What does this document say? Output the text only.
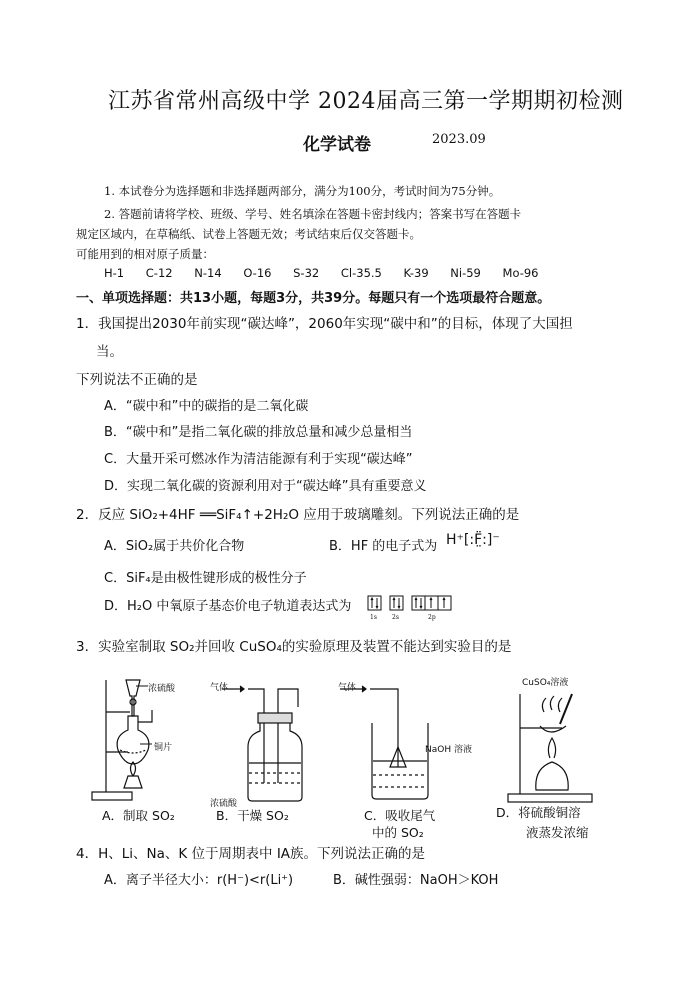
江苏省常州高级中学 2024届高三第一学期期初检测
化学试卷	2023.09
1. 本试卷分为选择题和非选择题两部分，满分为100分，考试时间为75分钟。
2. 答题前请将学校、班级、学号、姓名填涂在答题卡密封线内；答案书写在答题卡
规定区域内，在草稿纸、试卷上答题无效；考试结束后仅交答题卡。
可能用到的相对原子质量：
H-1 C-12 N-14 O-16 S-32 Cl-35.5 K-39 Ni-59 Mo-96
一、单项选择题：共13小题，每题3分，共39分。每题只有一个选项最符合题意。
1．我国提出2030年前实现“碳达峰”，2060年实现“碳中和”的目标，体现了大国担
当。
下列说法不正确的是
A．“碳中和”中的碳指的是二氧化碳
B．“碳中和”是指二氧化碳的排放总量和减少总量相当
C．大量开采可燃冰作为清洁能源有利于实现“碳达峰”
D．实现二氧化碳的资源利用对于“碳达峰”具有重要意义
2．反应 SiO₂+4HF ══SiF₄↑+2H₂O 应用于玻璃雕刻。下列说法正确的是
A．SiO₂属于共价化合物	B．HF 的电子式为 H⁺[:F̤̈:]⁻
C．SiF₄是由极性键形成的极性分子
D．H₂O 中氧原子基态价电子轨道表达式为
1s	2s	2p
3．实验室制取 SO₂并回收 CuSO₄的实验原理及装置不能达到实验目的是
浓硫酸
铜片
气体
浓硫酸
气体
NaOH 溶液
CuSO₄溶液
A．制取 SO₂	B．干燥 SO₂	C．吸收尾气
中的 SO₂
D．将硫酸铜溶
液蒸发浓缩
4．H、Li、Na、K 位于周期表中 IA族。下列说法正确的是
A．离子半径大小：r(H⁻)<r(Li⁺)	B．碱性强弱：NaOH＞KOH
